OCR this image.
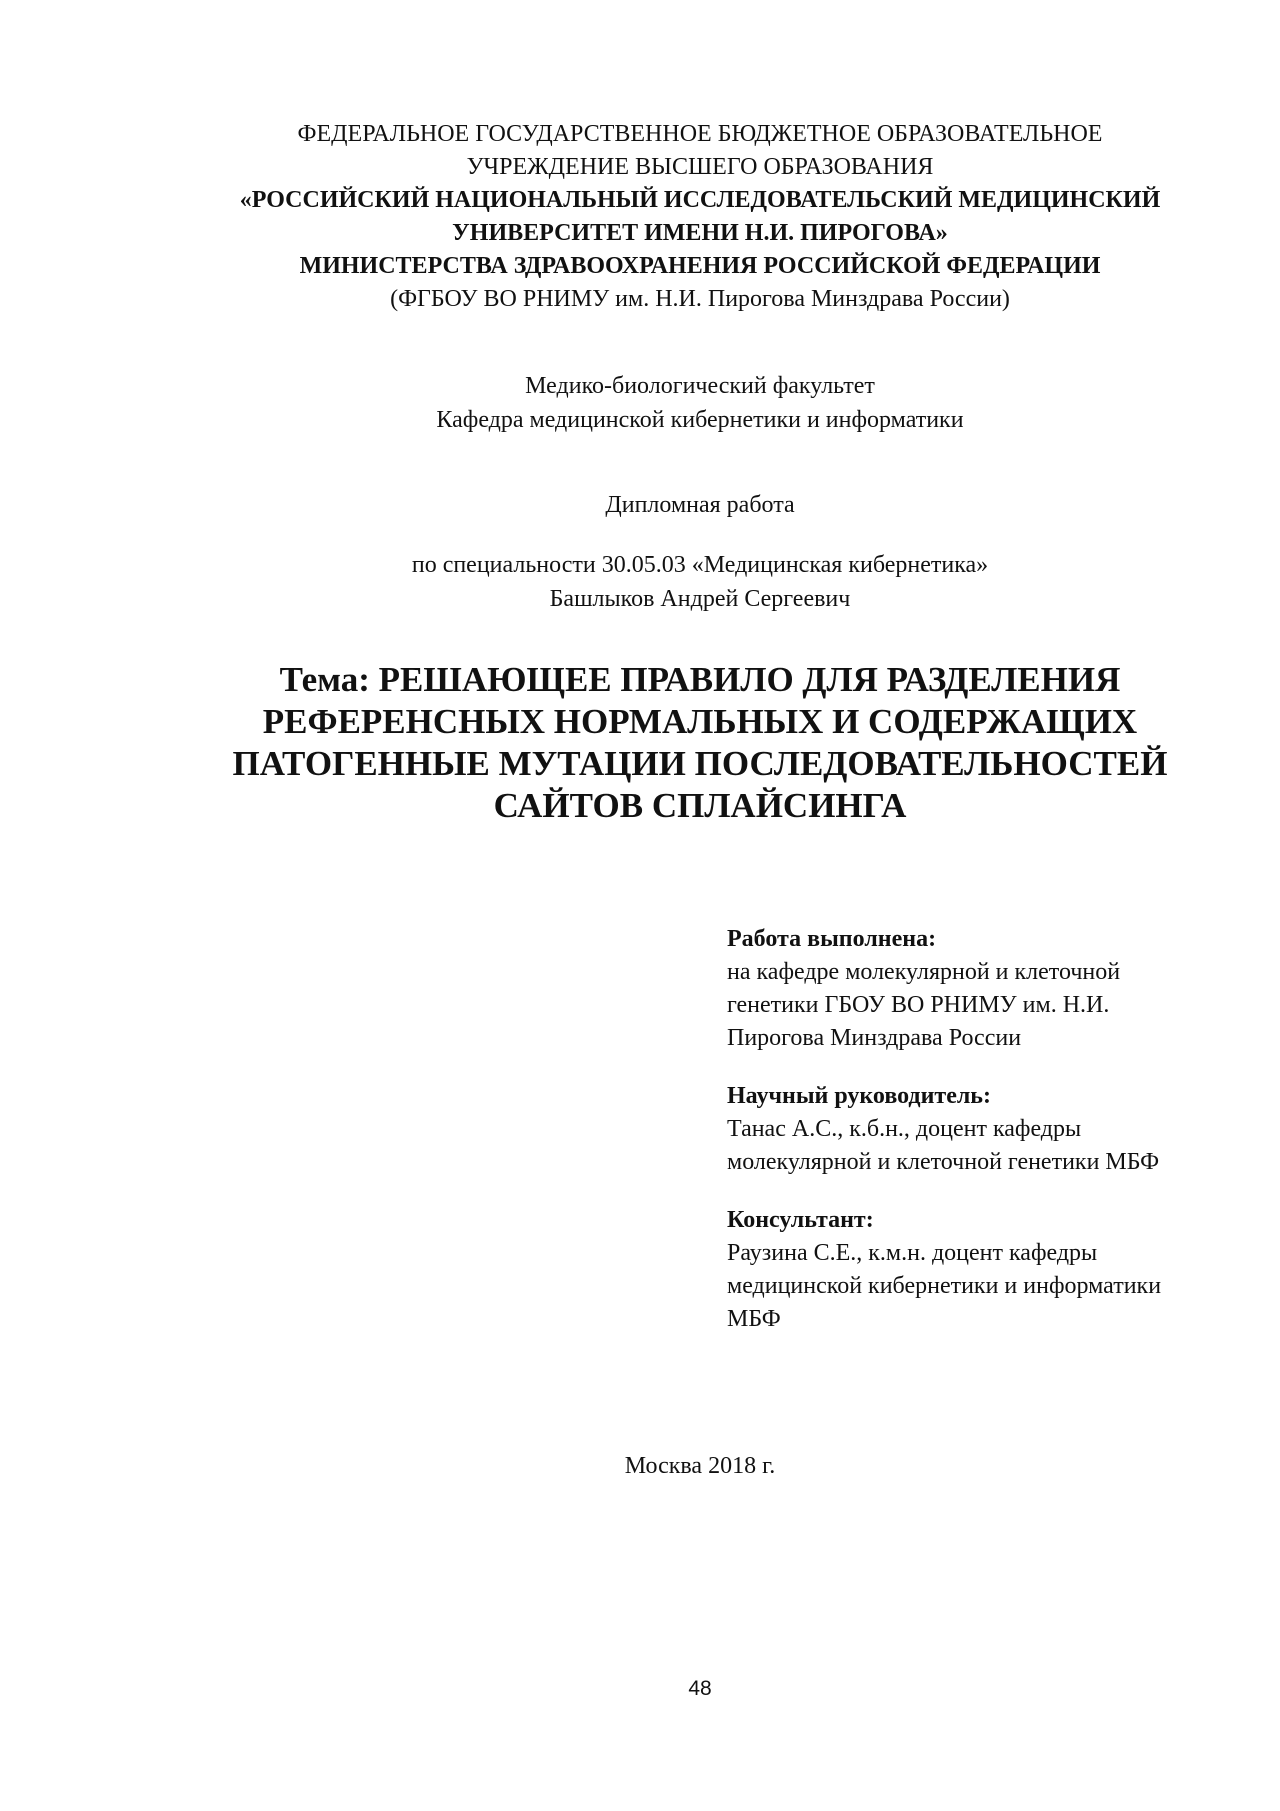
ФЕДЕРАЛЬНОЕ ГОСУДАРСТВЕННОЕ БЮДЖЕТНОЕ ОБРАЗОВАТЕЛЬНОЕ
УЧРЕЖДЕНИЕ ВЫСШЕГО ОБРАЗОВАНИЯ
«РОССИЙСКИЙ НАЦИОНАЛЬНЫЙ ИССЛЕДОВАТЕЛЬСКИЙ МЕДИЦИНСКИЙ
УНИВЕРСИТЕТ ИМЕНИ Н.И. ПИРОГОВА»
МИНИСТЕРСТВА ЗДРАВООХРАНЕНИЯ РОССИЙСКОЙ ФЕДЕРАЦИИ
(ФГБОУ ВО РНИМУ им. Н.И. Пирогова Минздрава России)
Медико-биологический факультет
Кафедра медицинской кибернетики и информатики
Дипломная работа
по специальности 30.05.03 «Медицинская кибернетика»
Башлыков Андрей Сергеевич
Тема: РЕШАЮЩЕЕ ПРАВИЛО ДЛЯ РАЗДЕЛЕНИЯ
РЕФЕРЕНСНЫХ НОРМАЛЬНЫХ И СОДЕРЖАЩИХ
ПАТОГЕННЫЕ МУТАЦИИ ПОСЛЕДОВАТЕЛЬНОСТЕЙ
САЙТОВ СПЛАЙСИНГА
Работа выполнена:
на кафедре молекулярной и клеточной
генетики ГБОУ ВО РНИМУ им. Н.И.
Пирогова Минздрава России
Научный руководитель:
Танас А.С., к.б.н., доцент кафедры
молекулярной и клеточной генетики МБФ
Консультант:
Раузина С.Е., к.м.н. доцент кафедры
медицинской кибернетики и информатики
МБФ
Москва 2018 г.
48
